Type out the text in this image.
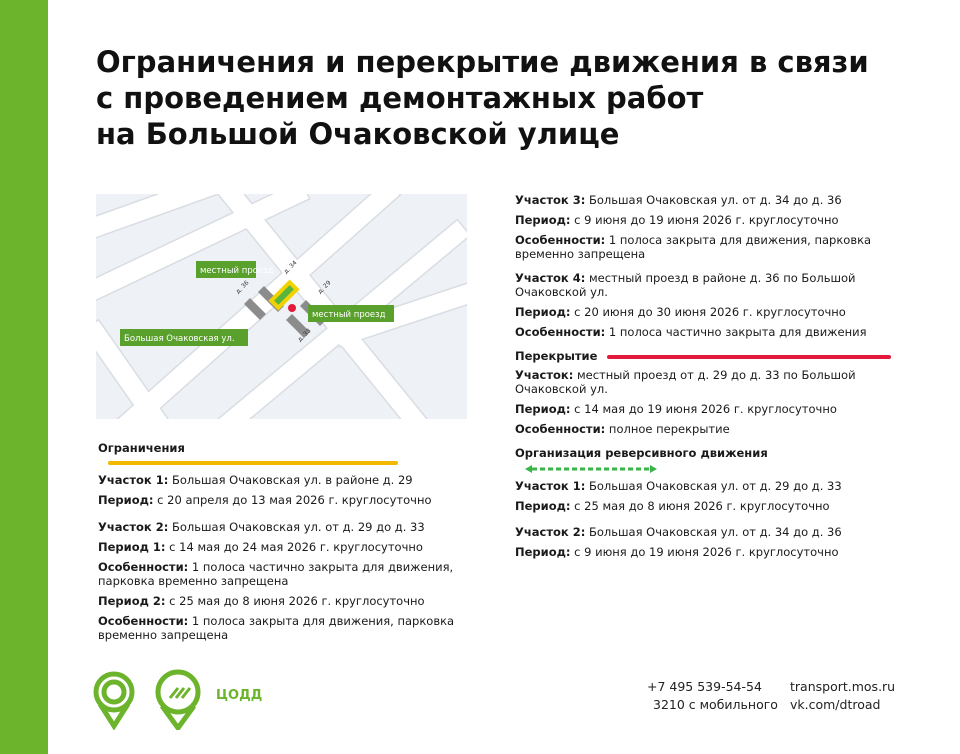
Ограничения и перекрытие движения в связи
с проведением демонтажных работ
на Большой Очаковской улице
д. 36
д. 34
д. 29
д. 33
местный проезд
местный проезд
Большая Очаковская ул.

Ограничения

Участок 1: Большая Очаковская ул. в районе д. 29

Период: с 20 апреля до 13 мая 2026 г. круглосуточно

Участок 2: Большая Очаковская ул. от д. 29 до д. 33

Период 1: с 14 мая до 24 мая 2026 г. круглосуточно

Особенности: 1 полоса частично закрыта для движения,
парковка временно запрещена

Период 2: с 25 мая до 8 июня 2026 г. круглосуточно

Особенности: 1 полоса закрыта для движения, парковка
временно запрещена

Участок 3: Большая Очаковская ул. от д. 34 до д. 36

Период: с 9 июня до 19 июня 2026 г. круглосуточно

Особенности: 1 полоса закрыта для движения, парковка
временно запрещена

Участок 4: местный проезд в районе д. 36 по Большой
Очаковской ул.

Период: с 20 июня до 30 июня 2026 г. круглосуточно

Особенности: 1 полоса частично закрыта для движения

Перекрытие

Участок: местный проезд от д. 29 до д. 33 по Большой
Очаковской ул.

Период: с 14 мая до 19 июня 2026 г. круглосуточно

Особенности: полное перекрытие

Организация реверсивного движения

Участок 1: Большая Очаковская ул. от д. 29 до д. 33

Период: с 25 мая до 8 июня 2026 г. круглосуточно

Участок 2: Большая Очаковская ул. от д. 34 до д. 36

Период: с 9 июня до 19 июня 2026 г. круглосуточно

ЦОДД
+7 495 539-54-54
3210 с мобильного
transport.mos.ru
vk.com/dtroad
